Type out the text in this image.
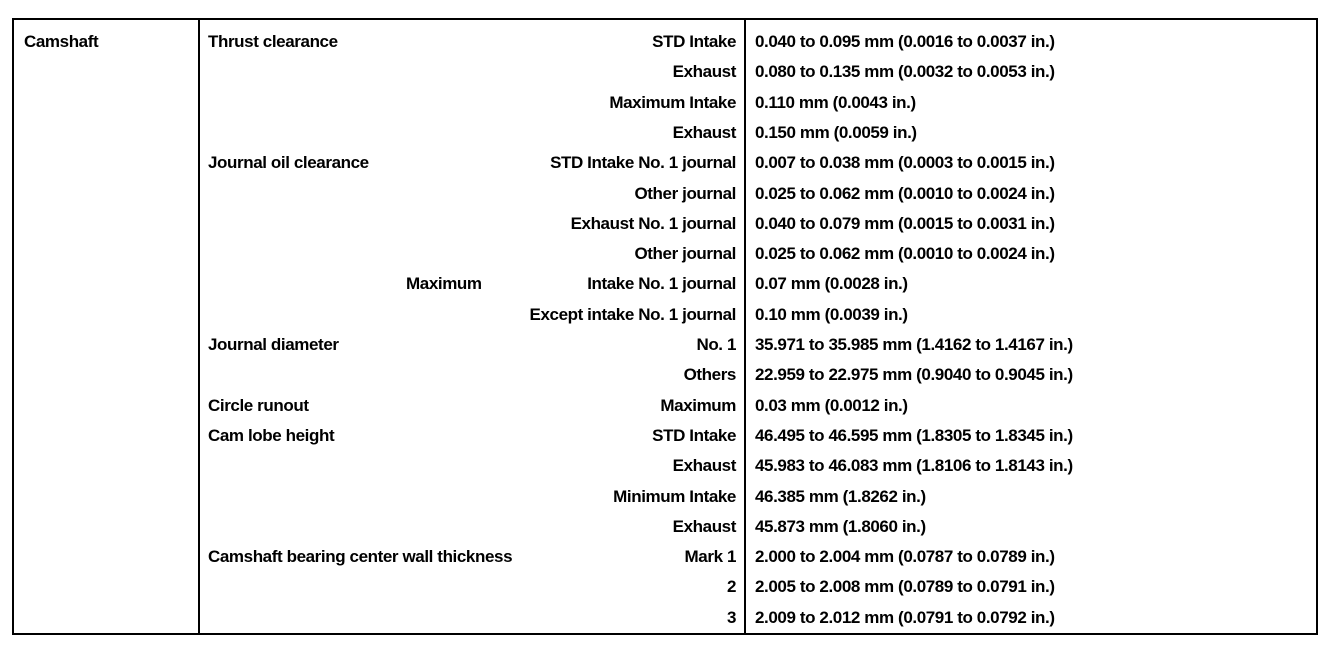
Camshaft	Thrust clearance	STD Intake 0.040 to 0.095 mm (0.0016 to 0.0037 in.)
Exhaust 0.080 to 0.135 mm (0.0032 to 0.0053 in.)
Maximum Intake 0.110 mm (0.0043 in.)
Exhaust 0.150 mm (0.0059 in.)
Journal oil clearance	STD Intake No. 1 journal 0.007 to 0.038 mm (0.0003 to 0.0015 in.)
Other journal 0.025 to 0.062 mm (0.0010 to 0.0024 in.)
Exhaust No. 1 journal 0.040 to 0.079 mm (0.0015 to 0.0031 in.)
Other journal 0.025 to 0.062 mm (0.0010 to 0.0024 in.)
Maximum	Intake No. 1 journal 0.07 mm (0.0028 in.)
Except intake No. 1 journal 0.10 mm (0.0039 in.)
Journal diameter	No. 1 35.971 to 35.985 mm (1.4162 to 1.4167 in.)
Others 22.959 to 22.975 mm (0.9040 to 0.9045 in.)
Circle runout	Maximum 0.03 mm (0.0012 in.)
Cam lobe height	STD Intake 46.495 to 46.595 mm (1.8305 to 1.8345 in.)
Exhaust 45.983 to 46.083 mm (1.8106 to 1.8143 in.)
Minimum Intake 46.385 mm (1.8262 in.)
Exhaust 45.873 mm (1.8060 in.)
Camshaft bearing center wall thickness	Mark 1 2.000 to 2.004 mm (0.0787 to 0.0789 in.)
2 2.005 to 2.008 mm (0.0789 to 0.0791 in.)
3 2.009 to 2.012 mm (0.0791 to 0.0792 in.)
